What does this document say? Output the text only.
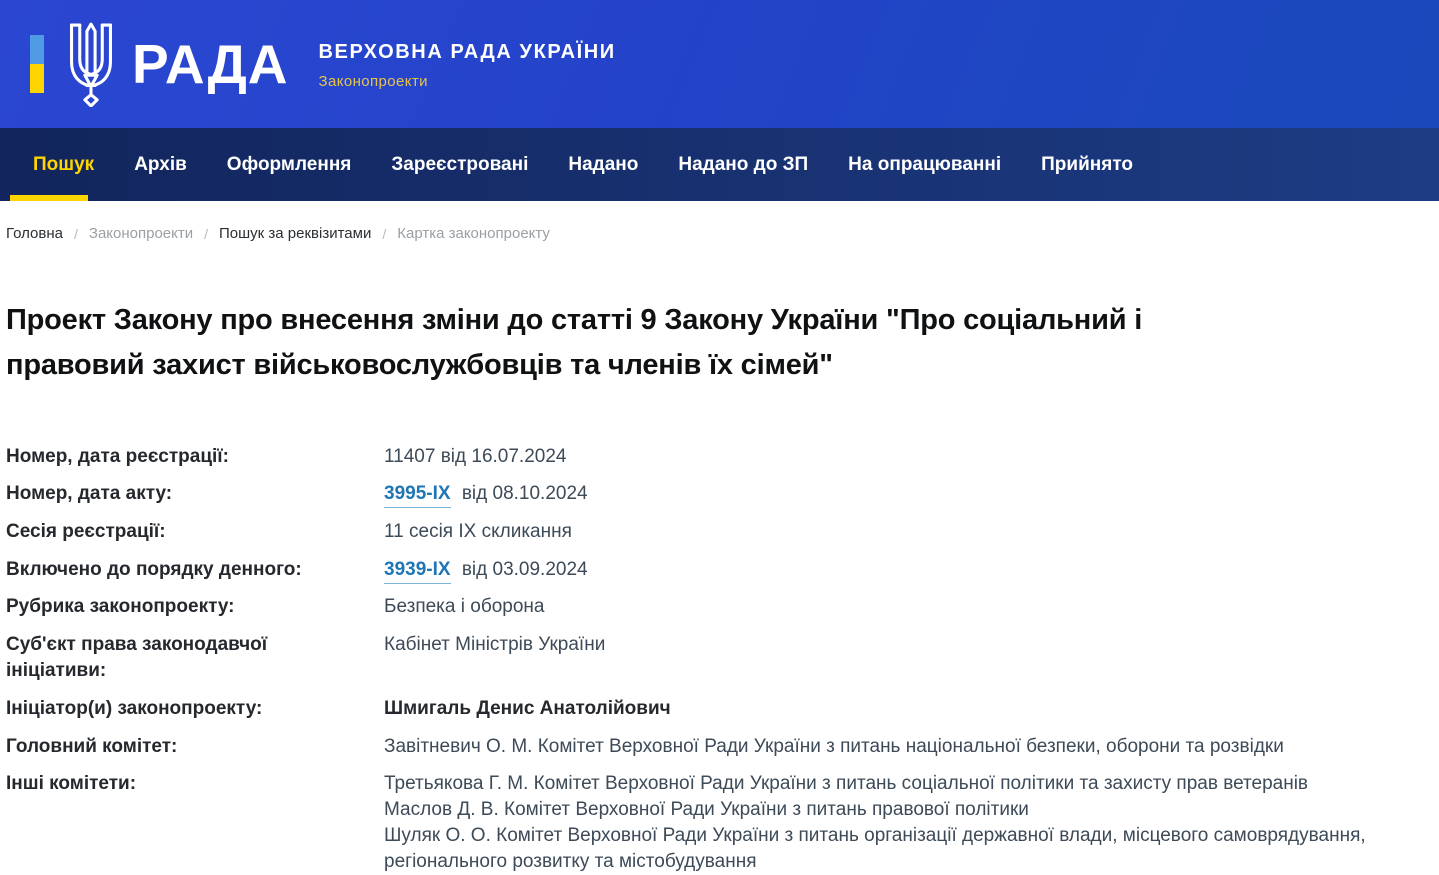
РАДА ВЕРХОВНА РАДА УКРАЇНИ
Законопроекти
Пошук Архів Оформлення Зареєстровані Надано Надано до ЗП На опрацюванні Прийнято
Головна / Законопроекти / Пошук за реквізитами / Картка законопроекту
Проект Закону про внесення зміни до статті 9 Закону України "Про соціальний і правовий захист військовослужбовців та членів їх сімей"
Номер, дата реєстрації:	11407 від 16.07.2024
Номер, дата акту:	3995-IX від 08.10.2024
Сесія реєстрації:	11 сесія IX скликання
Включено до порядку денного:	3939-IX від 03.09.2024
Рубрика законопроекту:	Безпека і оборона
Суб'єкт права законодавчої ініціативи:
Кабінет Міністрів України
Ініціатор(и) законопроекту:	Шмигаль Денис Анатолійович
Головний комітет:	Завітневич О. М. Комітет Верховної Ради України з питань національної безпеки, оборони та розвідки
Інші комітети:	Третьякова Г. М. Комітет Верховної Ради України з питань соціальної політики та захисту прав ветеранів
Маслов Д. В. Комітет Верховної Ради України з питань правової політики
Шуляк О. О. Комітет Верховної Ради України з питань організації державної влади, місцевого самоврядування, регіонального розвитку та містобудування
